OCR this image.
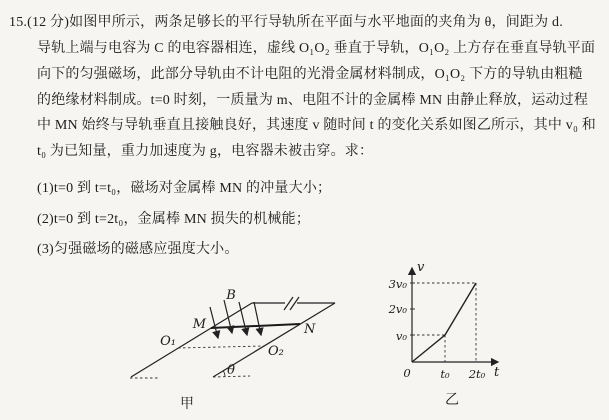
15.(12 分)如图甲所示，两条足够长的平行导轨所在平面与水平地面的夹角为 θ，间距为 d.
导轨上端与电容为 C 的电容器相连，虚线 O₁O₂ 垂直于导轨，O₁O₂ 上方存在垂直导轨平面
向下的匀强磁场，此部分导轨由不计电阻的光滑金属材料制成，O₁O₂ 下方的导轨由粗糙
的绝缘材料制成。t=0 时刻，一质量为 m、电阻不计的金属棒 MN 由静止释放，运动过程
中 MN 始终与导轨垂直且接触良好，其速度 v 随时间 t 的变化关系如图乙所示，其中 v₀ 和
t₀ 为已知量，重力加速度为 g，电容器未被击穿。求：
(1)t=0 到 t=t₀，磁场对金属棒 MN 的冲量大小；
(2)t=0 到 t=2t₀，金属棒 MN 损失的机械能；
(3)匀强磁场的磁感应强度大小。
M	N
O₁
O₂
B
θ
甲
v
t
0
3v₀
2v₀
v₀
t₀ 2t₀
乙
